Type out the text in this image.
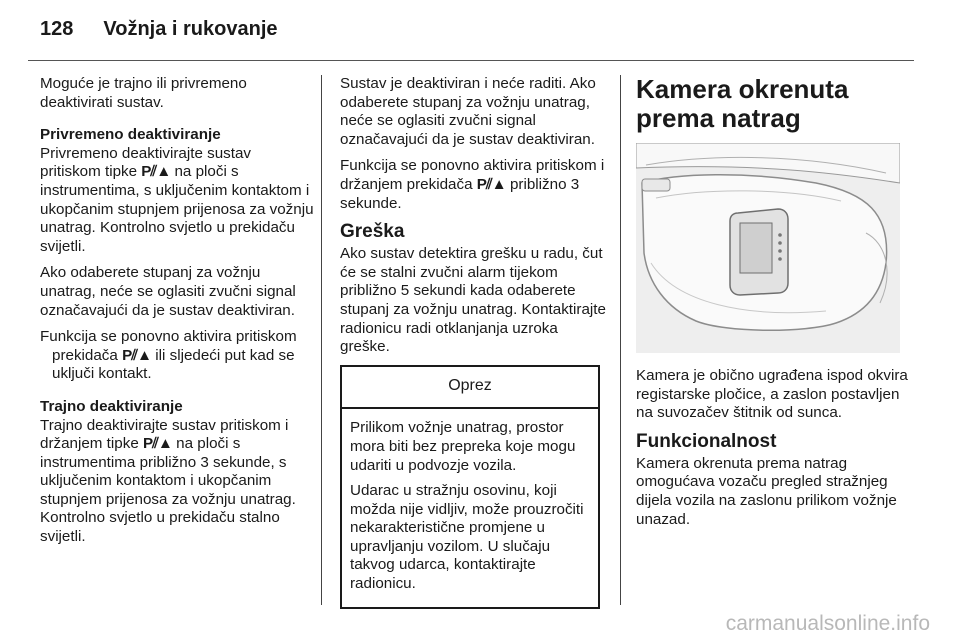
128 Vožnja i rukovanje

Moguće je trajno ili privremeno deaktivirati sustav.

Privremeno deaktiviranje

Privremeno deaktivirajte sustav pritiskom tipke P⫽▲ na ploči s instrumentima, s uključenim kontaktom i ukopčanim stupnjem prijenosa za vožnju unatrag. Kontrolno svjetlo u prekidaču svijetli.

Ako odaberete stupanj za vožnju unatrag, neće se oglasiti zvučni signal označavajući da je sustav deaktiviran.

Funkcija se ponovno aktivira pritiskom prekidača P⫽▲ ili sljedeći put kad se uključi kontakt.

Trajno deaktiviranje

Trajno deaktivirajte sustav pritiskom i držanjem tipke P⫽▲ na ploči s instrumentima približno 3 sekunde, s uključenim kontaktom i ukopčanim stupnjem prijenosa za vožnju unatrag. Kontrolno svjetlo u prekidaču stalno svijetli.

Sustav je deaktiviran i neće raditi. Ako odaberete stupanj za vožnju unatrag, neće se oglasiti zvučni signal označavajući da je sustav deaktiviran.

Funkcija se ponovno aktivira pritiskom i držanjem prekidača P⫽▲ približno 3 sekunde.

Greška

Ako sustav detektira grešku u radu, čut će se stalni zvučni alarm tijekom približno 5 sekundi kada odaberete stupanj za vožnju unatrag. Kontaktirajte radionicu radi otklanjanja uzroka greške.

Oprez

Prilikom vožnje unatrag, prostor mora biti bez prepreka koje mogu udariti u podvozje vozila.

Udarac u stražnju osovinu, koji možda nije vidljiv, može prouzročiti nekarakteristične promjene u upravljanju vozilom. U slučaju takvog udarca, kontaktirajte radionicu.

Kamera okrenuta prema natrag

Kamera je obično ugrađena ispod okvira registarske pločice, a zaslon postavljen na suvozačev štitnik od sunca.

Funkcionalnost

Kamera okrenuta prema natrag omogućava vozaču pregled stražnjeg dijela vozila na zaslonu prilikom vožnje unazad.

carmanualsonline.info
